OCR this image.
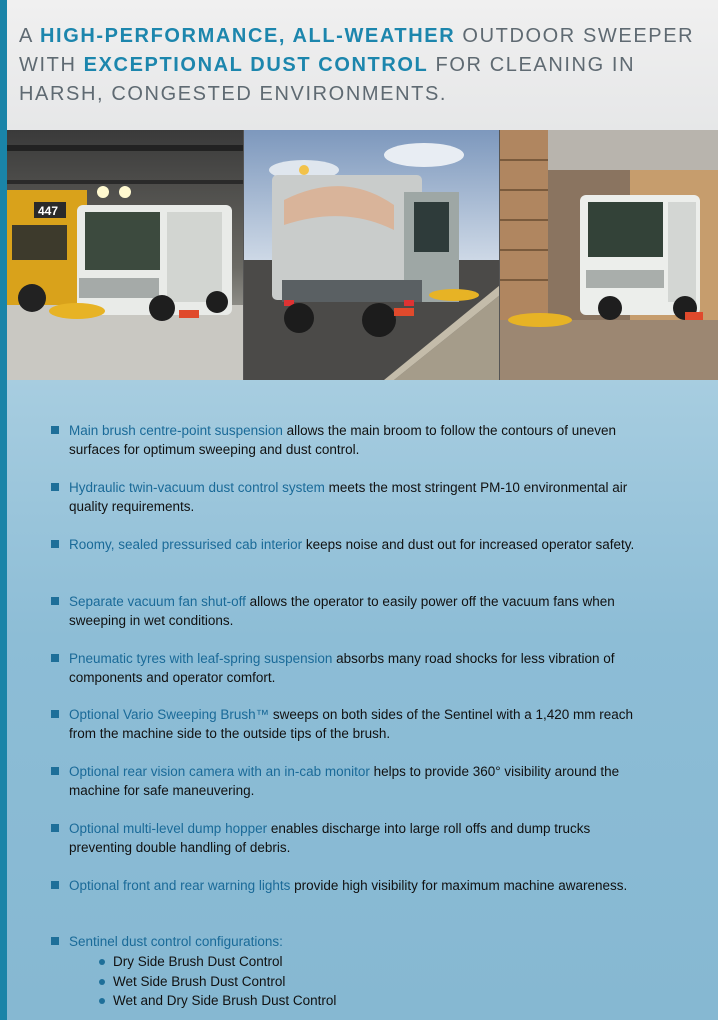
A HIGH-PERFORMANCE, ALL-WEATHER OUTDOOR SWEEPER
WITH EXCEPTIONAL DUST CONTROL FOR CLEANING IN
HARSH, CONGESTED ENVIRONMENTS.
447
Main brush centre-point suspension allows the main broom to follow the contours of uneven surfaces for optimum sweeping and dust control.
Hydraulic twin-vacuum dust control system meets the most stringent PM-10 environmental air quality requirements.
Roomy, sealed pressurised cab interior keeps noise and dust out for increased operator safety.
Separate vacuum fan shut-off allows the operator to easily power off the vacuum fans when sweeping in wet conditions.
Pneumatic tyres with leaf-spring suspension absorbs many road shocks for less vibration of components and operator comfort.
Optional Vario Sweeping Brush™ sweeps on both sides of the Sentinel with a 1,420 mm reach from the machine side to the outside tips of the brush.
Optional rear vision camera with an in-cab monitor helps to provide 360° visibility around the machine for safe maneuvering.
Optional multi-level dump hopper enables discharge into large roll offs and dump trucks preventing double handling of debris.
Optional front and rear warning lights provide high visibility for maximum machine awareness.
Sentinel dust control configurations:
Dry Side Brush Dust Control
Wet Side Brush Dust Control
Wet and Dry Side Brush Dust Control
